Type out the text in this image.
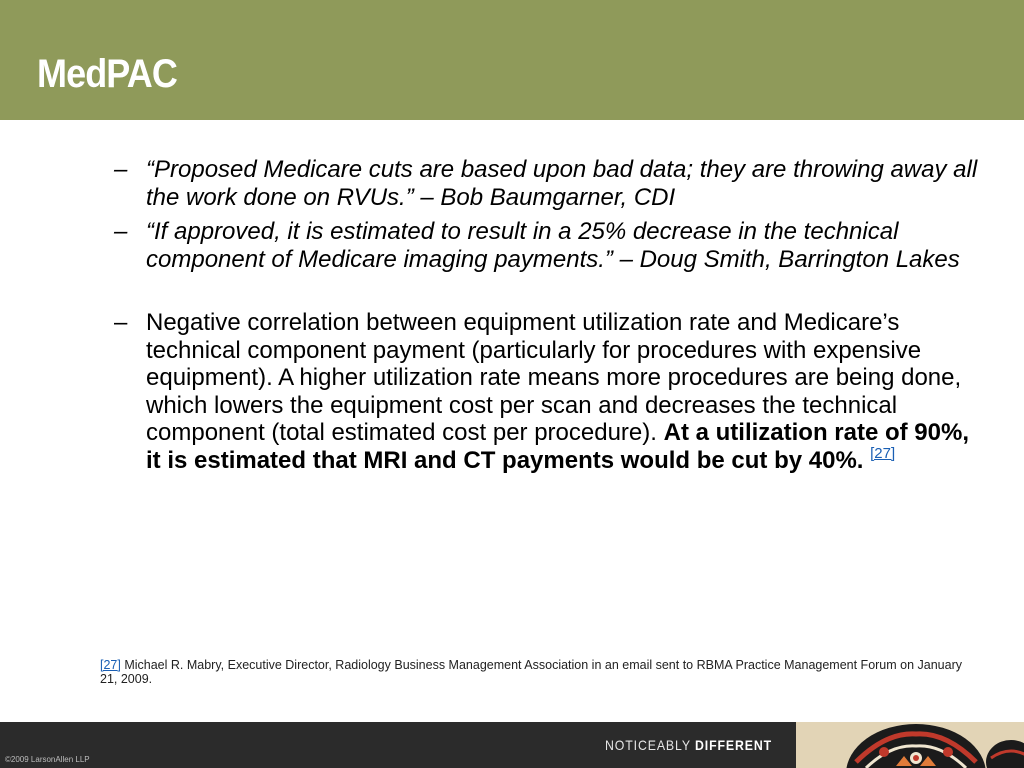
MedPAC
– “Proposed Medicare cuts are based upon bad data; they are throwing away all the work done on RVUs.” – Bob Baumgarner, CDI
– “If approved, it is estimated to result in a 25% decrease in the technical component of Medicare imaging payments.” – Doug Smith, Barrington Lakes
– Negative correlation between equipment utilization rate and Medicare’s technical component payment (particularly for procedures with expensive equipment). A higher utilization rate means more procedures are being done, which lowers the equipment cost per scan and decreases the technical component (total estimated cost per procedure). At a utilization rate of 90%, it is estimated that MRI and CT payments would be cut by 40%. [27]
[27] Michael R. Mabry, Executive Director, Radiology Business Management Association in an email sent to RBMA Practice Management Forum on January 21, 2009.
©2009 LarsonAllen LLP
NOTICEABLY DIFFERENT
